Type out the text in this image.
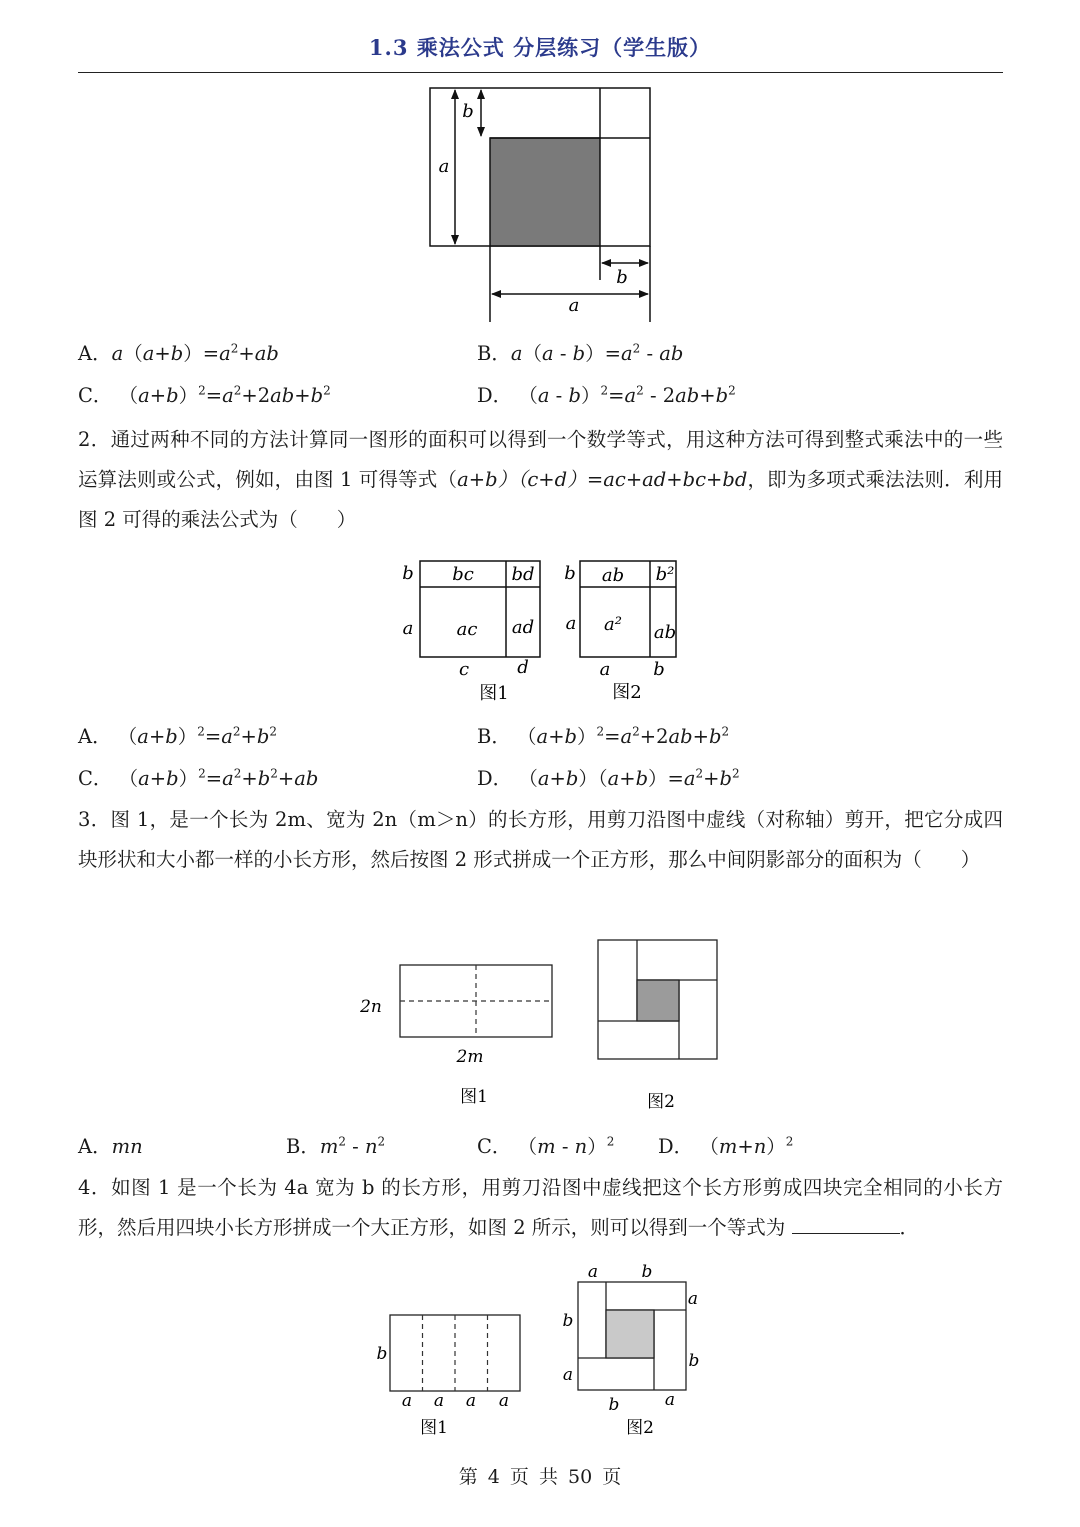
1.3 乘法公式 分层练习（学生版）
b
a
b
a
A．$a(a+b)=a^2+ab$	B．$a(a - b)=a^2$ - ab
C． $(a+b)^2=a^2+2ab+b^2$	D． $(a - b)^2=a^2 - 2ab+b^2$
2．通过两种不同的方法计算同一图形的面积可以得到一个数学等式，用这种方法可得到整式乘法中的一些运算法则或公式，例如，由图 1 可得等式（a+b）（c+d）=ac+ad+bc+bd，即为多项式乘法法则．利用图 2 可得的乘法公式为（　　）
bc bd
ac ad
b
a
c	d
图1
ab b²
a² ab
b
a
a b
图2
A． $(a+b)^2=a^2+b^2$	B． $(a+b)^2=a^2+2ab+b^2$
C． $(a+b)^2=a^2+b^2+ab$	D． $(a+b)(a+b)=a^2+b^2$
3．图 1，是一个长为 2m、宽为 2n（m＞n）的长方形，用剪刀沿图中虚线（对称轴）剪开，把它分成四块形状和大小都一样的小长方形，然后按图 2 形式拼成一个正方形，那么中间阴影部分的面积为（　　）
2n
2m
图1	图2
A．mn	B．$m^2 - n^2$	C． （m - n）$^2$ D． $(m+n)^2$
4．如图 1 是一个长为 4a 宽为 b 的长方形，用剪刀沿图中虚线把这个长方形剪成四块完全相同的小长方形，然后用四块小长方形拼成一个大正方形，如图 2 所示，则可以得到一个等式为	．
b
a a a a
图1
a	b
a
b
b
a
b	a
图2
第 4 页 共 50 页
